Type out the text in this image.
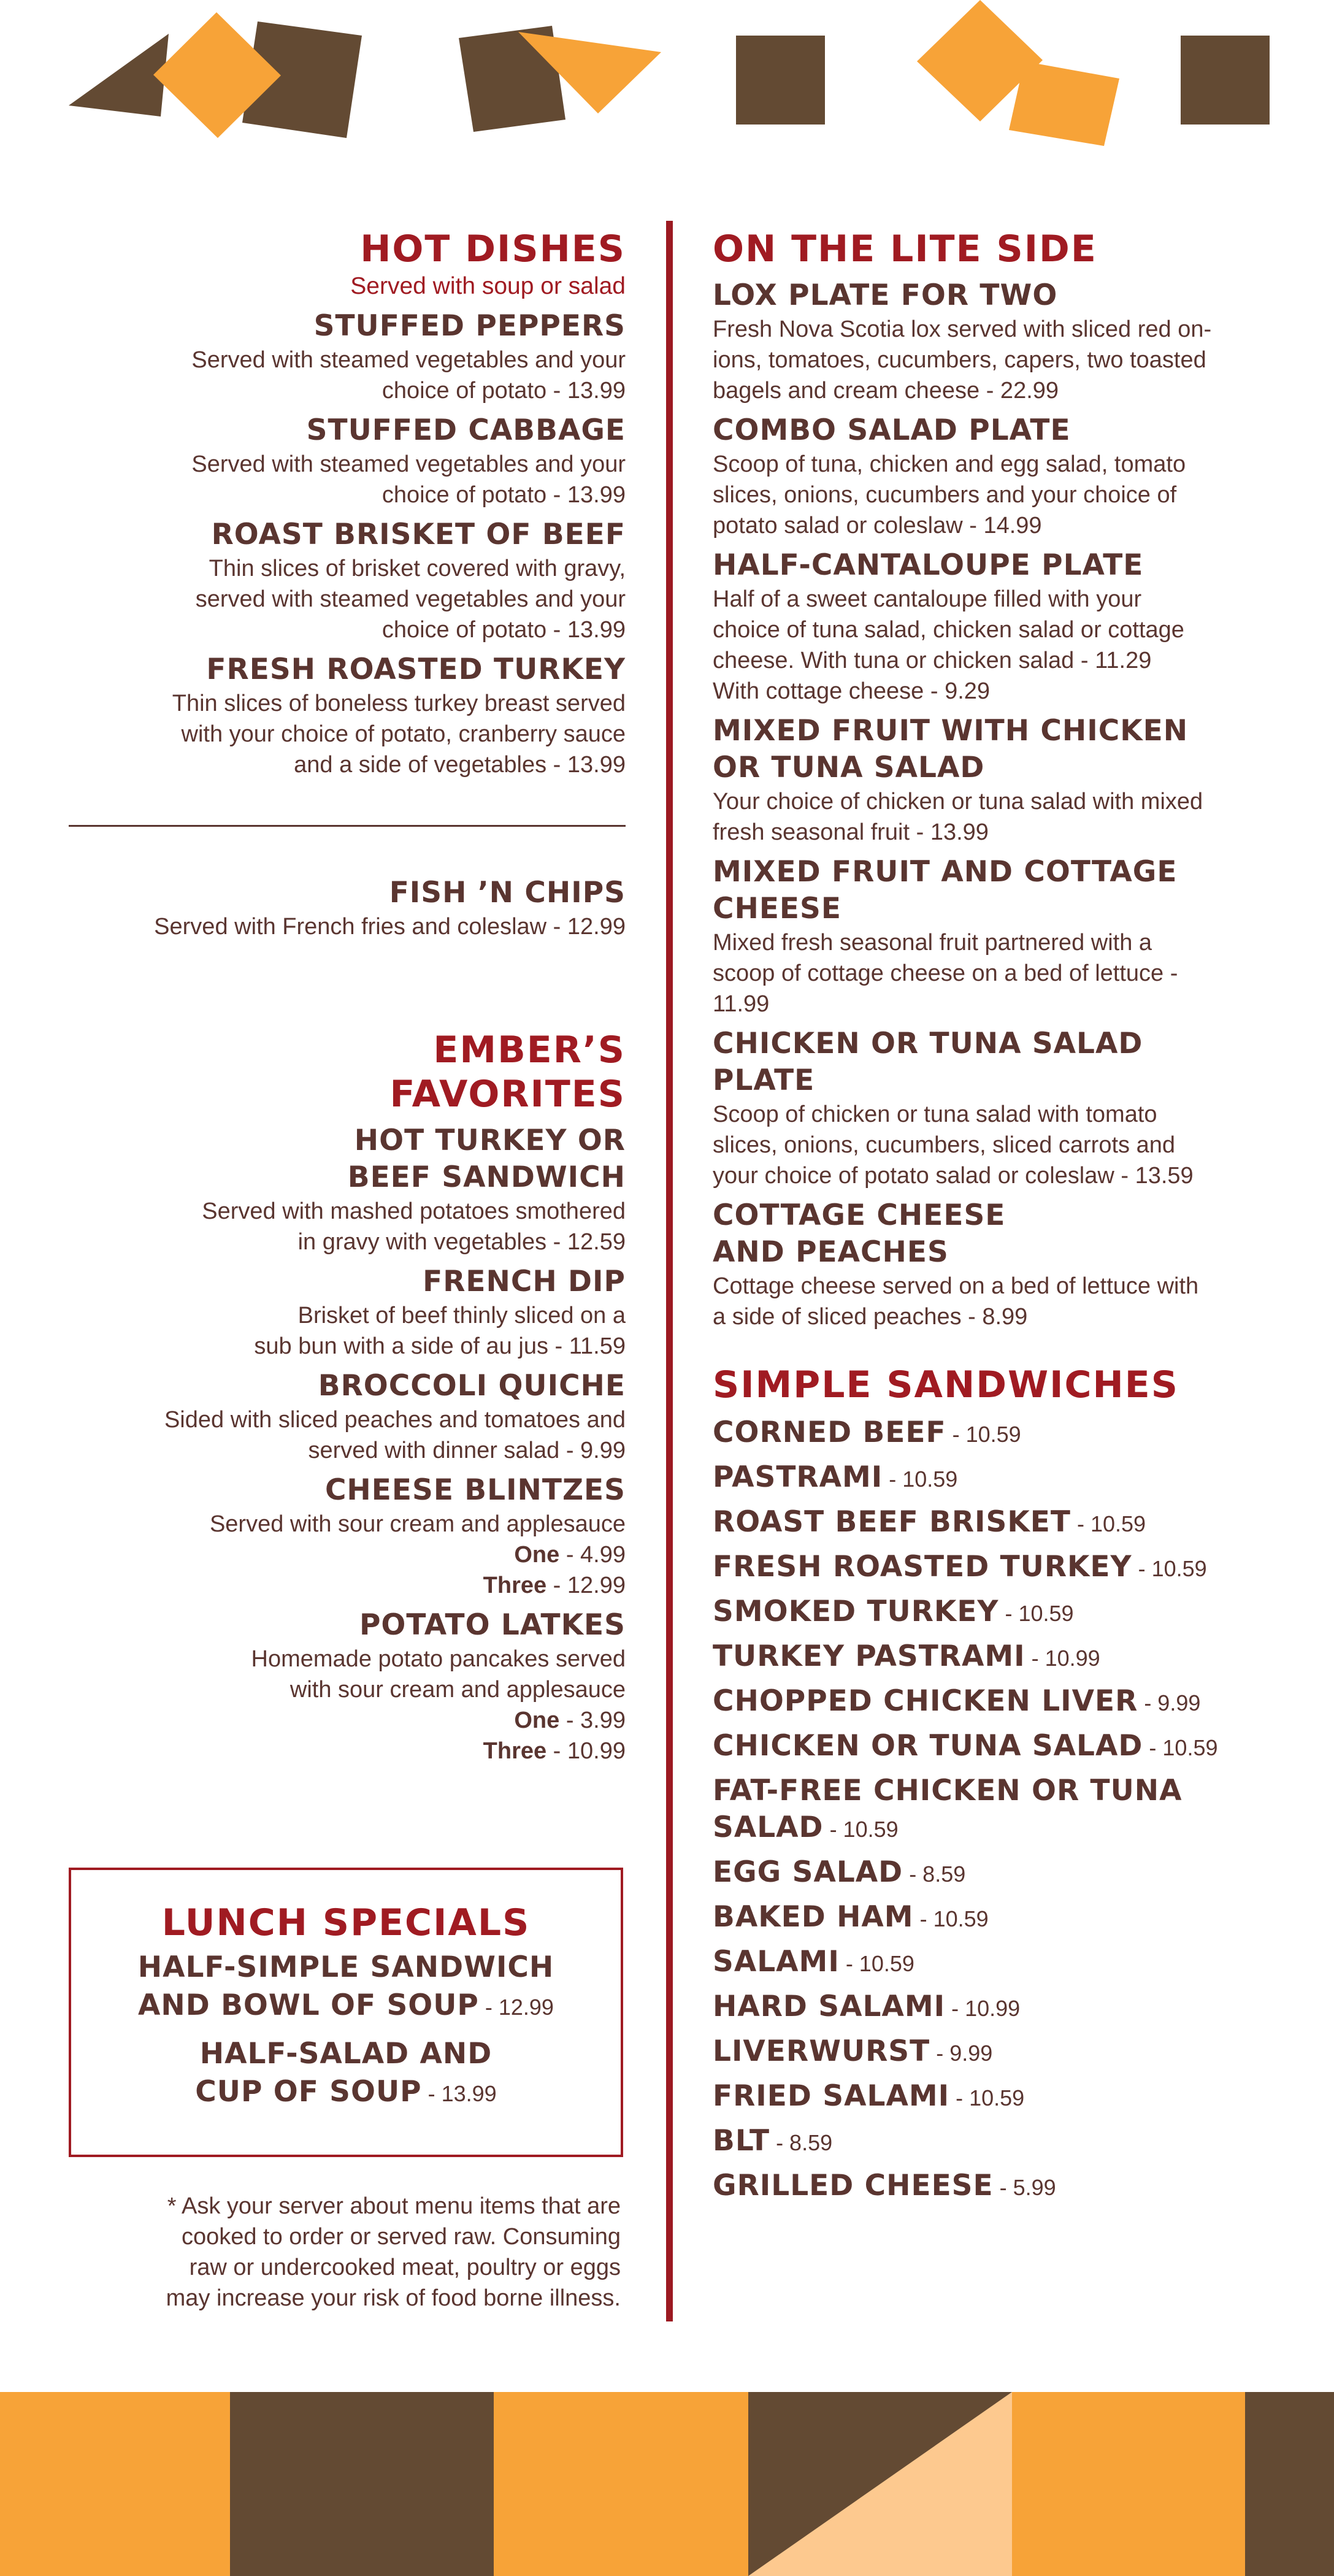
HOT DISHES

Served with soup or salad

STUFFED PEPPERS

Served with steamed vegetables and your
choice of potato - 13.99

STUFFED CABBAGE

Served with steamed vegetables and your
choice of potato - 13.99

ROAST BRISKET OF BEEF

Thin slices of brisket covered with gravy,
served with steamed vegetables and your
choice of potato - 13.99

FRESH ROASTED TURKEY

Thin slices of boneless turkey breast served
with your choice of potato, cranberry sauce
and a side of vegetables - 13.99

FISH ’N CHIPS

Served with French fries and coleslaw - 12.99

EMBER’S
FAVORITES

HOT TURKEY OR
BEEF SANDWICH

Served with mashed potatoes smothered
in gravy with vegetables - 12.59

FRENCH DIP

Brisket of beef thinly sliced on a
sub bun with a side of au jus - 11.59

BROCCOLI QUICHE

Sided with sliced peaches and tomatoes and
served with dinner salad - 9.99

CHEESE BLINTZES

Served with sour cream and applesauce
One - 4.99
Three - 12.99

POTATO LATKES

Homemade potato pancakes served
with sour cream and applesauce
One - 3.99
Three - 10.99

LUNCH SPECIALS
HALF-SIMPLE SANDWICH
AND BOWL OF SOUP - 12.99
HALF-SALAD AND
CUP OF SOUP - 13.99
* Ask your server about menu items that are
cooked to order or served raw. Consuming
raw or undercooked meat, poultry or eggs
may increase your risk of food borne illness.
ON THE LITE SIDE

LOX PLATE FOR TWO

Fresh Nova Scotia lox served with sliced red on-
ions, tomatoes, cucumbers, capers, two toasted
bagels and cream cheese - 22.99

COMBO SALAD PLATE

Scoop of tuna, chicken and egg salad, tomato
slices, onions, cucumbers and your choice of
potato salad or coleslaw - 14.99

HALF-CANTALOUPE PLATE

Half of a sweet cantaloupe filled with your
choice of tuna salad, chicken salad or cottage
cheese. With tuna or chicken salad - 11.29
With cottage cheese - 9.29

MIXED FRUIT WITH CHICKEN
OR TUNA SALAD

Your choice of chicken or tuna salad with mixed
fresh seasonal fruit - 13.99

MIXED FRUIT AND COTTAGE
CHEESE

Mixed fresh seasonal fruit partnered with a
scoop of cottage cheese on a bed of lettuce -
11.99

CHICKEN OR TUNA SALAD
PLATE

Scoop of chicken or tuna salad with tomato
slices, onions, cucumbers, sliced carrots and
your choice of potato salad or coleslaw - 13.59

COTTAGE CHEESE
AND PEACHES

Cottage cheese served on a bed of lettuce with
a side of sliced peaches - 8.99

SIMPLE SANDWICHES
CORNED BEEF - 10.59
PASTRAMI - 10.59
ROAST BEEF BRISKET - 10.59
FRESH ROASTED TURKEY - 10.59
SMOKED TURKEY - 10.59
TURKEY PASTRAMI - 10.99
CHOPPED CHICKEN LIVER - 9.99
CHICKEN OR TUNA SALAD - 10.59
FAT-FREE CHICKEN OR TUNA SALAD - 10.59
EGG SALAD - 8.59
BAKED HAM - 10.59
SALAMI - 10.59
HARD SALAMI - 10.99
LIVERWURST - 9.99
FRIED SALAMI - 10.59
BLT - 8.59
GRILLED CHEESE - 5.99
